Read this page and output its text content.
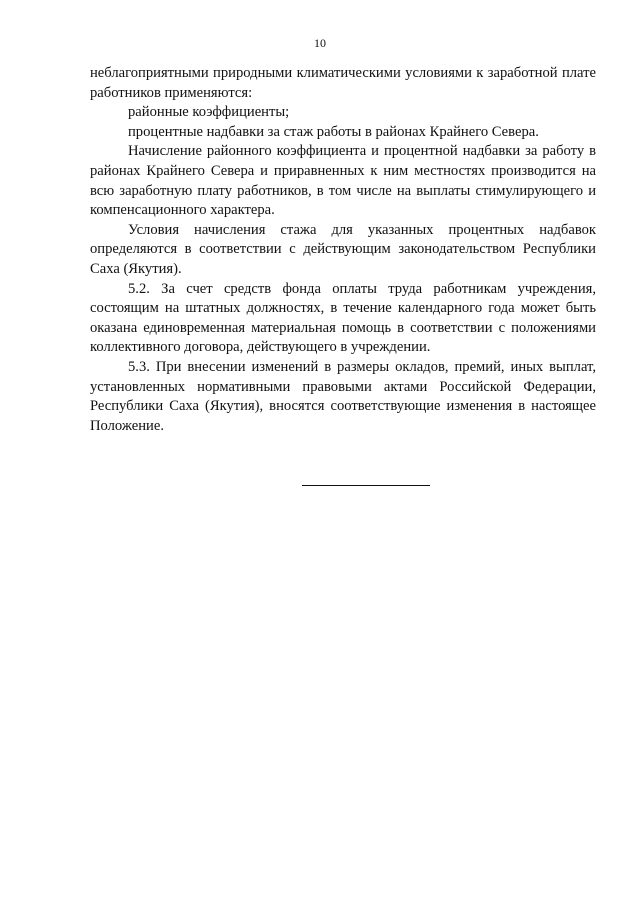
10

неблагоприятными природными климатическими условиями к заработной плате работников применяются:

районные коэффициенты;

процентные надбавки за стаж работы в районах Крайнего Севера.

Начисление районного коэффициента и процентной надбавки за работу в районах Крайнего Севера и приравненных к ним местностях производится на всю заработную плату работников, в том числе на выплаты стимулирующего и компенсационного характера.

Условия начисления стажа для указанных процентных надбавок определяются в соответствии с действующим законодательством Республики Саха (Якутия).

5.2. За счет средств фонда оплаты труда работникам учреждения, состоящим на штатных должностях, в течение календарного года может быть оказана единовременная материальная помощь в соответствии с положениями коллективного договора, действующего в учреждении.

5.3. При внесении изменений в размеры окладов, премий, иных выплат, установленных нормативными правовыми актами Российской Федерации, Республики Саха (Якутия), вносятся соответствующие изменения в настоящее Положение.
